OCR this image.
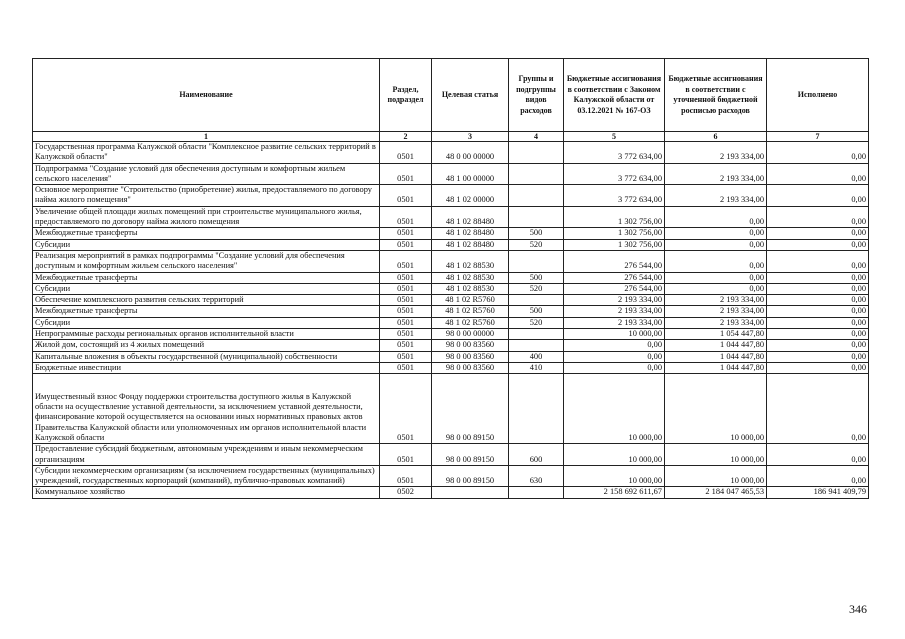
Наименование	Раздел, подраздел	Целевая статья	Группы и подгруппы видов расходов	Бюджетные ассигнования в соответствии с Законом Калужской области от 03.12.2021 № 167-ОЗ	Бюджетные ассигнования в соответствии с уточненной бюджетной росписью расходов	Исполнено
1	2	3	4	5	6	7
Государственная программа Калужской области "Комплексное развитие сельских территорий в Калужской области"	0501	48 0 00 00000		3 772 634,00	2 193 334,00	0,00
Подпрограмма "Создание условий для обеспечения доступным и комфортным жильем сельского населения"	0501	48 1 00 00000		3 772 634,00	2 193 334,00	0,00
Основное мероприятие "Строительство (приобретение) жилья, предоставляемого по договору найма жилого помещения"	0501	48 1 02 00000		3 772 634,00	2 193 334,00	0,00
Увеличение общей площади жилых помещений при строительстве муниципального жилья, предоставляемого по договору найма жилого помещения	0501	48 1 02 88480		1 302 756,00	0,00	0,00
Межбюджетные трансферты	0501	48 1 02 88480	500	1 302 756,00	0,00	0,00
Субсидии	0501	48 1 02 88480	520	1 302 756,00	0,00	0,00
Реализация мероприятий в рамках подпрограммы "Создание условий для обеспечения доступным и комфортным жильем сельского населения"	0501	48 1 02 88530		276 544,00	0,00	0,00
Межбюджетные трансферты	0501	48 1 02 88530	500	276 544,00	0,00	0,00
Субсидии	0501	48 1 02 88530	520	276 544,00	0,00	0,00
Обеспечение комплексного развития сельских территорий	0501	48 1 02 R5760		2 193 334,00	2 193 334,00	0,00
Межбюджетные трансферты	0501	48 1 02 R5760	500	2 193 334,00	2 193 334,00	0,00
Субсидии	0501	48 1 02 R5760	520	2 193 334,00	2 193 334,00	0,00
Непрограммные расходы региональных органов исполнительной власти	0501	98 0 00 00000		10 000,00	1 054 447,80	0,00
Жилой дом, состоящий из 4 жилых помещений	0501	98 0 00 83560		0,00	1 044 447,80	0,00
Капитальные вложения в объекты государственной (муниципальной) собственности	0501	98 0 00 83560	400	0,00	1 044 447,80	0,00
Бюджетные инвестиции	0501	98 0 00 83560	410	0,00	1 044 447,80	0,00
Имущественный взнос Фонду поддержки строительства доступного жилья в Калужской области на осуществление уставной деятельности, за исключением уставной деятельности, финансирование которой осуществляется на основании иных нормативных правовых актов Правительства Калужской области или уполномоченных им органов исполнительной власти Калужской области	0501	98 0 00 89150		10 000,00	10 000,00	0,00
Предоставление субсидий бюджетным, автономным учреждениям и иным некоммерческим организациям	0501	98 0 00 89150	600	10 000,00	10 000,00	0,00
Субсидии некоммерческим организациям (за исключением государственных (муниципальных) учреждений, государственных корпораций (компаний), публично-правовых компаний)	0501	98 0 00 89150	630	10 000,00	10 000,00	0,00
Коммунальное хозяйство	0502			2 158 692 611,67	2 184 047 465,53	186 941 409,79
346
